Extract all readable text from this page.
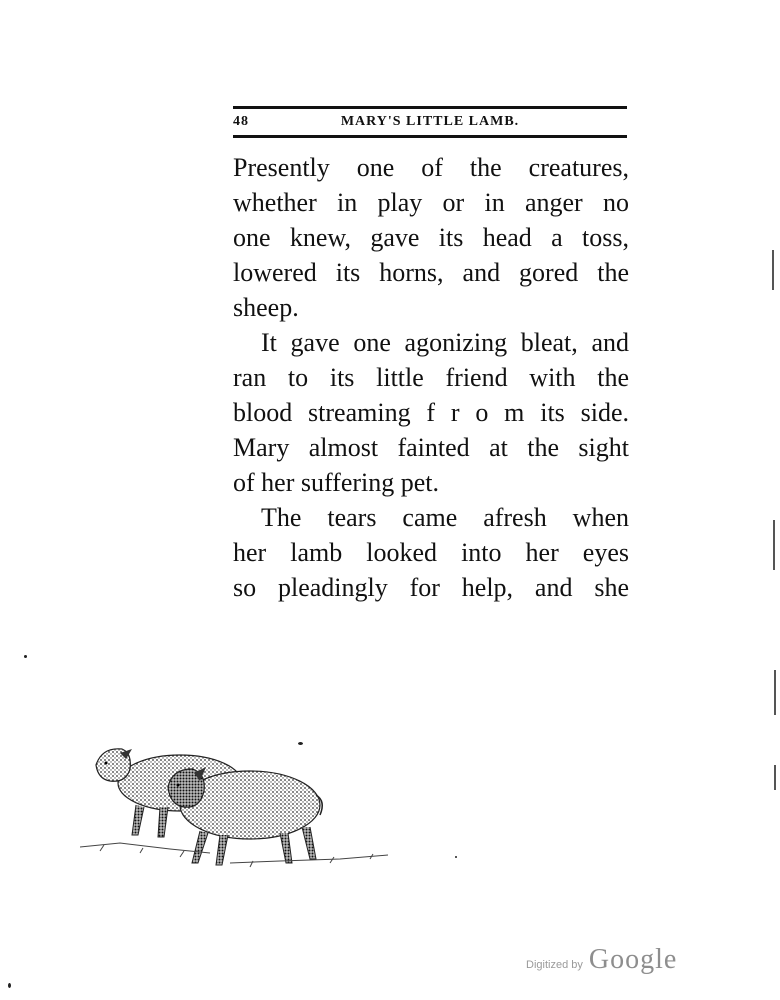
48	MARY'S LITTLE LAMB.
Presently one of the creatures,
whether in play or in anger no
one knew, gave its head a toss,
lowered its horns, and gored the
sheep.
It gave one agonizing bleat, and
ran to its little friend with the
blood streaming f r o m its side.
Mary almost fainted at the sight
of her suffering pet.
The tears came afresh when
her lamb looked into her eyes
so pleadingly for help, and she
Digitized by Google
